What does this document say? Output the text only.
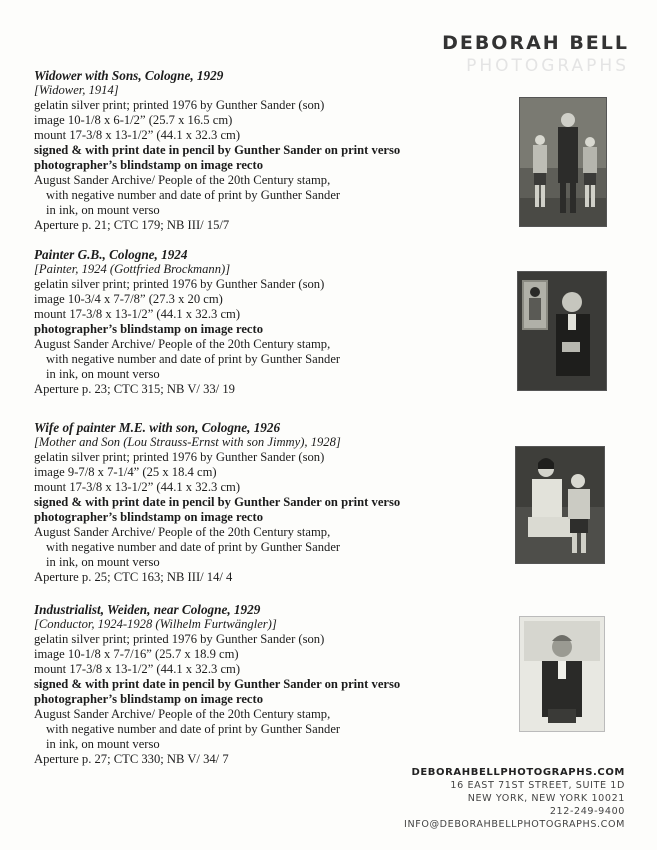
DEBORAH BELL
PHOTOGRAPHS
Widower with Sons, Cologne, 1929
[Widower, 1914]
gelatin silver print; printed 1976 by Gunther Sander (son)
image 10-1/8 x 6-1/2” (25.7 x 16.5 cm)
mount 17-3/8 x 13-1/2” (44.1 x 32.3 cm)
signed & with print date in pencil by Gunther Sander on print verso
photographer’s blindstamp on image recto
August Sander Archive/ People of the 20th Century stamp,
with negative number and date of print by Gunther Sander
in ink, on mount verso
Aperture p. 21; CTC 179; NB III/ 15/7
Painter G.B., Cologne, 1924
[Painter, 1924 (Gottfried Brockmann)]
gelatin silver print; printed 1976 by Gunther Sander (son)
image 10-3/4 x 7-7/8” (27.3 x 20 cm)
mount 17-3/8 x 13-1/2” (44.1 x 32.3 cm)
photographer’s blindstamp on image recto
August Sander Archive/ People of the 20th Century stamp,
with negative number and date of print by Gunther Sander
in ink, on mount verso
Aperture p. 23; CTC 315; NB V/ 33/ 19
Wife of painter M.E. with son, Cologne, 1926
[Mother and Son (Lou Strauss-Ernst with son Jimmy), 1928]
gelatin silver print; printed 1976 by Gunther Sander (son)
image 9-7/8 x 7-1/4” (25 x 18.4 cm)
mount 17-3/8 x 13-1/2” (44.1 x 32.3 cm)
signed & with print date in pencil by Gunther Sander on print verso
photographer’s blindstamp on image recto
August Sander Archive/ People of the 20th Century stamp,
with negative number and date of print by Gunther Sander
in ink, on mount verso
Aperture p. 25; CTC 163; NB III/ 14/ 4
Industrialist, Weiden, near Cologne, 1929
[Conductor, 1924-1928 (Wilhelm Furtwängler)]
gelatin silver print; printed 1976 by Gunther Sander (son)
image 10-1/8 x 7-7/16” (25.7 x 18.9 cm)
mount 17-3/8 x 13-1/2” (44.1 x 32.3 cm)
signed & with print date in pencil by Gunther Sander on print verso
photographer’s blindstamp on image recto
August Sander Archive/ People of the 20th Century stamp,
with negative number and date of print by Gunther Sander
in ink, on mount verso
Aperture p. 27; CTC 330; NB V/ 34/ 7
DEBORAHBELLPHOTOGRAPHS.COM
16 EAST 71ST STREET, SUITE 1D
NEW YORK, NEW YORK 10021
212-249-9400
INFO@DEBORAHBELLPHOTOGRAPHS.COM
